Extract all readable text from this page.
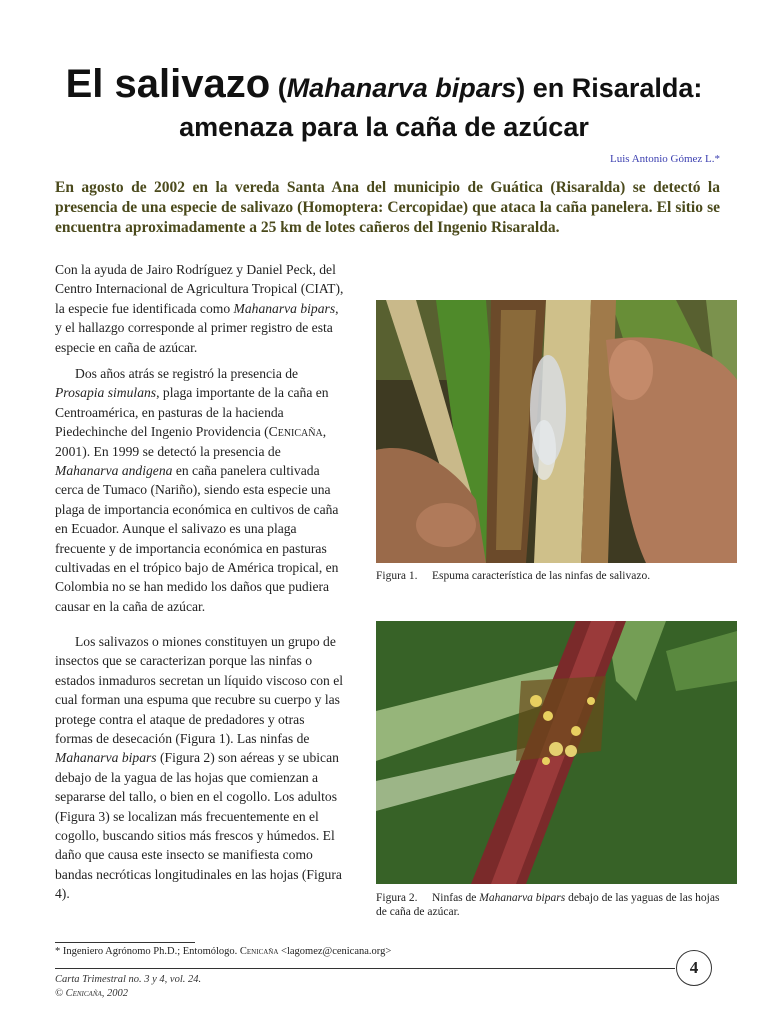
El salivazo (Mahanarva bipars) en Risaralda:
amenaza para la caña de azúcar
Luis Antonio Gómez L.*
En agosto de 2002 en la vereda Santa Ana del municipio de Guática (Risaralda) se detectó la presencia de una especie de salivazo (Homoptera: Cercopidae) que ataca la caña panelera. El sitio se encuentra aproximadamente a 25 km de lotes cañeros del Ingenio Risaralda.

Con la ayuda de Jairo Rodríguez y Daniel Peck, del Centro Internacional de Agricultura Tropical (CIAT), la especie fue identificada como Mahanarva bipars, y el hallazgo corresponde al primer registro de esta especie en caña de azúcar.

Dos años atrás se registró la presencia de Prosapia simulans, plaga importante de la caña en Centroamérica, en pasturas de la hacienda Piedechinche del Ingenio Providencia (Cenicaña, 2001). En 1999 se detectó la presencia de Mahanarva andigena en caña panelera cultivada cerca de Tumaco (Nariño), siendo esta especie una plaga de importancia económica en cultivos de caña en Ecuador. Aunque el salivazo es una plaga frecuente y de importancia económica en pasturas cultivadas en el trópico bajo de América tropical, en Colombia no se han medido los daños que pudiera causar en la caña de azúcar.

Los salivazos o miones constituyen un grupo de insectos que se caracterizan porque las ninfas o estados inmaduros secretan un líquido viscoso con el cual forman una espuma que recubre su cuerpo y las protege contra el ataque de predadores y otras formas de desecación (Figura 1). Las ninfas de Mahanarva bipars (Figura 2) son aéreas y se ubican debajo de la yagua de las hojas que comienzan a separarse del tallo, o bien en el cogollo. Los adultos (Figura 3) se localizan más frecuentemente en el cogollo, buscando sitios más frescos y húmedos. El daño que causa este insecto se manifiesta como bandas necróticas longitudinales en las hojas (Figura 4).

Figura 1. Espuma característica de las ninfas de salivazo.
Figura 2. Ninfas de Mahanarva bipars debajo de las yaguas de las hojas de caña de azúcar.
* Ingeniero Agrónomo Ph.D.; Entomólogo. Cenicaña <lagomez@cenicana.org>
4
Carta Trimestral no. 3 y 4, vol. 24.
© Cenicaña, 2002
